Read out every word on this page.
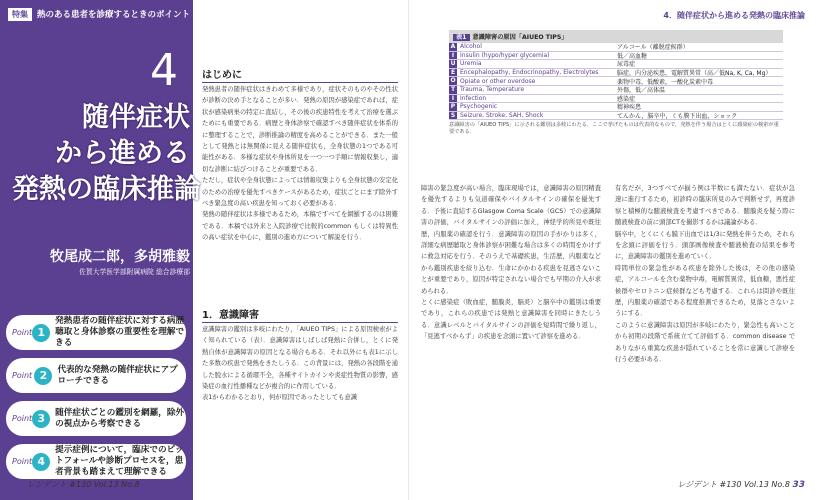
特集	熱のある患者を診療するときのポイント
4
随伴症状
から進める
発熱の臨床推論
牧尾成二郎，多胡雅毅
佐賀大学医学部附属病院 総合診療部
Point 1
発熱患者の随伴症状に対する病歴聴取と身体診察の重要性を理解できる
Point 2	代表的な発熱の随伴症状にアプローチできる
Point 3	随伴症状ごとの鑑別を網羅，除外の視点から考察できる
Point 4
提示症例について，臨床でのピットフォールや診断プロセスを，患者背景も踏まえて理解できる
はじめに
発熱患者の随伴症状はきわめて多様であり，症状そのものやその性状が診断の決め手となることが多い．発熱の原因が感染症であれば，症状が感染病巣の特定に直結し，その後の疾患特性を考えて治療を選ぶためにも重要である．病歴と身体診察で確認すべき随伴症状を体系的に整理することで，診断推論の精度を高めることができる．また一般として発熱とは無関係に見える随伴症状も，全身状態の1つである可能性がある．多様な症状や身体所見を一つ一つ手順に情報収集し，適切な診断に結びつけることが重要である．
ただし，症状や全身状態によっては情報収集よりも全身状態の安定化のための治療を優先すべきケースがあるため，症状ごとにまず除外すべき緊急度の高い疾患を知っておく必要がある．
発熱の随伴症状は多様であるため，本稿ですべてを網羅するのは困難である．本稿では外来と入院診療で比較的common もしくは特異性の高い症状を中心に，鑑別の進め方について解説を行う．
1．意識障害
意識障害の鑑別は多岐にわたり，「AIUEO TIPS」による原因検索がよく知られている（表）．意識障害はしばしば発熱に合併し，とくに発熱自体が意識障害の原因となる場合もある．それ以外にも表1に示した多数の疾患で発熱をきたしうる．この背景には，発熱の各段階を通した脱水による循環不全，各種サイトカインや炎症性物質の影響，感染症の血行性播種などが複合的に作用している．
表1からわかるとおり，何が原因であったとしても意識
32 レジデント #130 Vol.13 No.8
4．随伴症状から進める発熱の臨床推論
表1 意識障害の原因「AIUEO TIPS」
A Alcohol	アルコール（離脱症候群）
I Insulin (hypo/hyper glycemia)	低／高血糖
U Uremia	尿毒症
E Encephalopathy, Endocrinopathy, Electrolytes	脳症，内分泌疾患，電解質異常（高／低Na, K, Ca, Mg）
O Opiate or other overdose	薬物中毒，低酸素，一酸化炭素中毒
T Trauma, Temperature	外傷，低／高体温
I Infection	感染症
P Psychogenic	精神疾患
S Seizure, Stroke, SAH, Shock	てんかん，脳卒中，くも膜下出血，ショック
意識障害の「AIUEO TIPS」に示される鑑別は多岐にわたる．ここで挙げたものは代表的なもので，発熱を伴う場合はとくに感染症の検索が重要である．
障害の緊急度が高い場合，臨床現場では，意識障害の原因精査を優先するよりも気道確保やバイタルサインの確保を優先する．予後に直結するGlasgow Coma Scale（GCS）での意識障害の評価，バイタルサインの評価に加え，神経学的所見や既往歴，内服薬の確認を行う．意識障害の原因の手がかりは多く，詳細な病歴聴取と身体診察が困難な場合は多くの時間をかけずに救急対応を行う．そのうえで基礎疾患，生活歴，内服薬などから鑑別疾患を絞り込む．生命にかかわる疾患を見逃さないことが重要であり，原因が特定されない場合でも早期の介入が求められる．
とくに感染症（敗血症，髄膜炎，脳炎）と脳卒中の鑑別は重要であり，これらの疾患では発熱と意識障害を同時にきたしうる．意識レベルとバイタルサインの評価を短時間で繰り返し，「見逃すべからず」の疾患を念頭に置いて診察を進める．
有名だが，3つすべてが揃う例は半数にも満たない．症状が急速に進行するため，初診時の臨床所見のみで判断せず，再度診察と積極的な髄液検査を考慮すべきである．髄膜炎を疑う際に髄液検査の前に頭部CTを撮影するかは議論がある．
脳卒中，とくにくも膜下出血では1/3に発熱を伴うため，それらを念頭に評価を行う．頭部画像検査や髄液検査の結果を参考に，意識障害の鑑別を進めていく．
時間単位の緊急性がある疾患を除外した後は，その他の感染症，アルコールを含む薬物中毒，電解質異常，低血糖，悪性症候群やセロトニン症候群なども考慮する．これらは問診や既往歴，内服薬の確認である程度推測できるため，見落とさないようにする．
このように意識障害は原因が多岐にわたり，緊急性も高いことから初期の段階で系統立てて評価する．common disease でありながら重篤な疾患が隠れていることを常に意識して診療を行う必要がある．
レジデント #130 Vol.13 No.8 33
